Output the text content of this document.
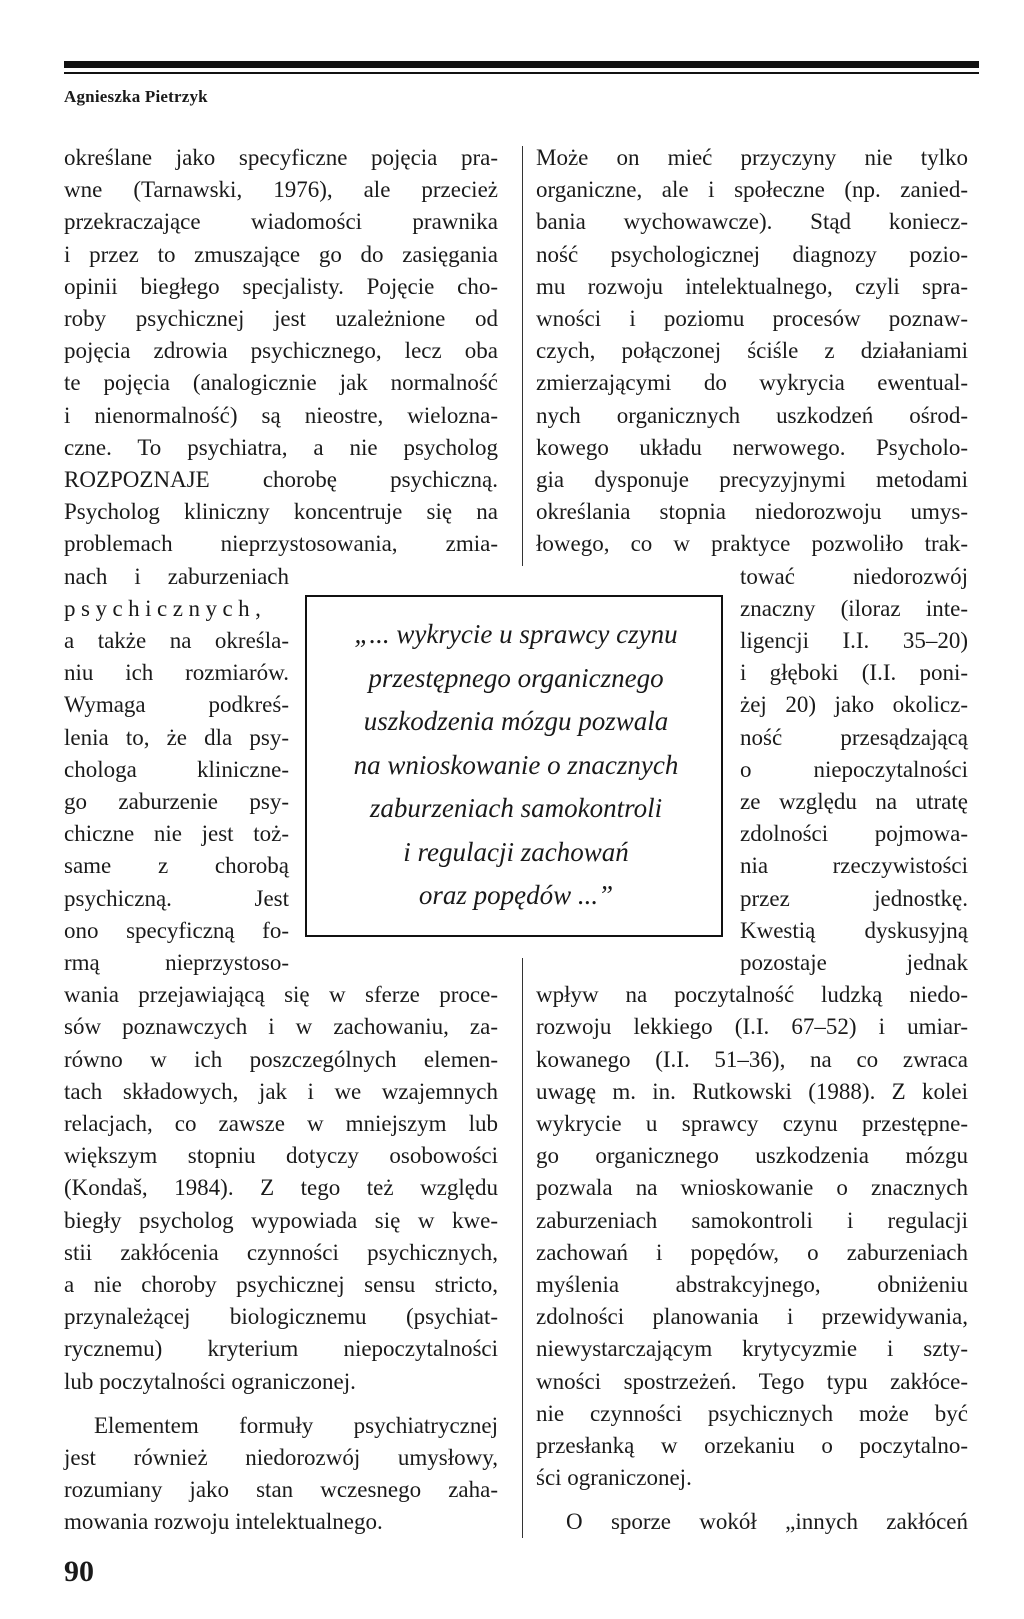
Agnieszka Pietrzyk
określane jako specyficzne pojęcia pra-
wne (Tarnawski, 1976), ale przecież
przekraczające wiadomości prawnika
i przez to zmuszające go do zasięgania
opinii biegłego specjalisty. Pojęcie cho-
roby psychicznej jest uzależnione od
pojęcia zdrowia psychicznego, lecz oba
te pojęcia (analogicznie jak normalność
i nienormalność) są nieostre, wieloznа-
czne. To psychiatra, a nie psycholog
ROZPOZNAJE chorobę psychiczną.
Psycholog kliniczny koncentruje się na
problemach nieprzystosowania, zmia-
nach i zaburzeniach
psychicznych,
a także na określa-
niu ich rozmiarów.
Wymaga podkreś-
lenia to, że dla psy-
chologa klinicznе-
go zaburzenie psy-
chiczne nie jest toż-
same z chorobą
psychiczną. Jest
ono specyficzną fo-
rmą nieprzystoso-
wania przejawiającą się w sferze proce-
sów poznawczych i w zachowaniu, za-
równo w ich poszczególnych elemen-
tach składowych, jak i we wzajemnych
relacjach, co zawsze w mniejszym lub
większym stopniu dotyczy osobowości
(Kondaš, 1984). Z tego też względu
biegły psycholog wypowiada się w kwe-
stii zakłócenia czynności psychicznych,
a nie choroby psychicznej sensu stricto,
przynależącej biologicznemu (psychiat-
rycznemu) kryterium niepoczytalności
lub poczytalności ograniczonej.
Elementem formuły psychiatrycznej
jest również niedorozwój umysłowy,
rozumiany jako stan wczesnego zaha-
mowania rozwoju intelektualnego.
Może on mieć przyczyny nie tylko
organiczne, ale i społeczne (np. zanied-
bania wychowawcze). Stąd koniecz-
ność psychologicznej diagnozy pozio-
mu rozwoju intelektualnego, czyli spra-
wności i poziomu procesów poznaw-
czych, połączonej ściśle z działaniami
zmierzającymi do wykrycia ewentual-
nych organicznych uszkodzeń ośrod-
kowego układu nerwowego. Psycholo-
gia dysponuje precyzyjnymi metodami
określania stopnia niedorozwoju umys-
łowego, co w praktyce pozwoliło trak-
tować niedorozwój
znaczny (iloraz inte-
ligencji I.I. 35–20)
i głęboki (I.I. poni-
żej 20) jako okolicz-
ność przesądzającą
o niepoczytalności
ze względu na utratę
zdolności pojmowa-
nia rzeczywistości
przez jednostkę.
Kwestią dyskusyjną
pozostaje jednak
wpływ na poczytalność ludzką niedo-
rozwoju lekkiego (I.I. 67–52) i umiar-
kowanego (I.I. 51–36), na co zwraca
uwagę m. in. Rutkowski (1988). Z kolei
wykrycie u sprawcy czynu przestępne-
go organicznego uszkodzenia mózgu
pozwala na wnioskowanie o znacznych
zaburzeniach samokontroli i regulacji
zachowań i popędów, o zaburzeniach
myślenia abstrakcyjnego, obniżeniu
zdolności planowania i przewidywania,
niewystarczającym krytycyzmie i szty-
wności spostrzeżeń. Tego typu zakłóce-
nie czynności psychicznych może być
przesłanką w orzekaniu o poczytalno-
ści ograniczonej.
O sporze wokół „innych zakłóceń
„... wykrycie u sprawcy czynu
przestępnego organicznego
uszkodzenia mózgu pozwala
na wnioskowanie o znacznych
zaburzeniach samokontroli
i regulacji zachowań
oraz popędów ...”
90
